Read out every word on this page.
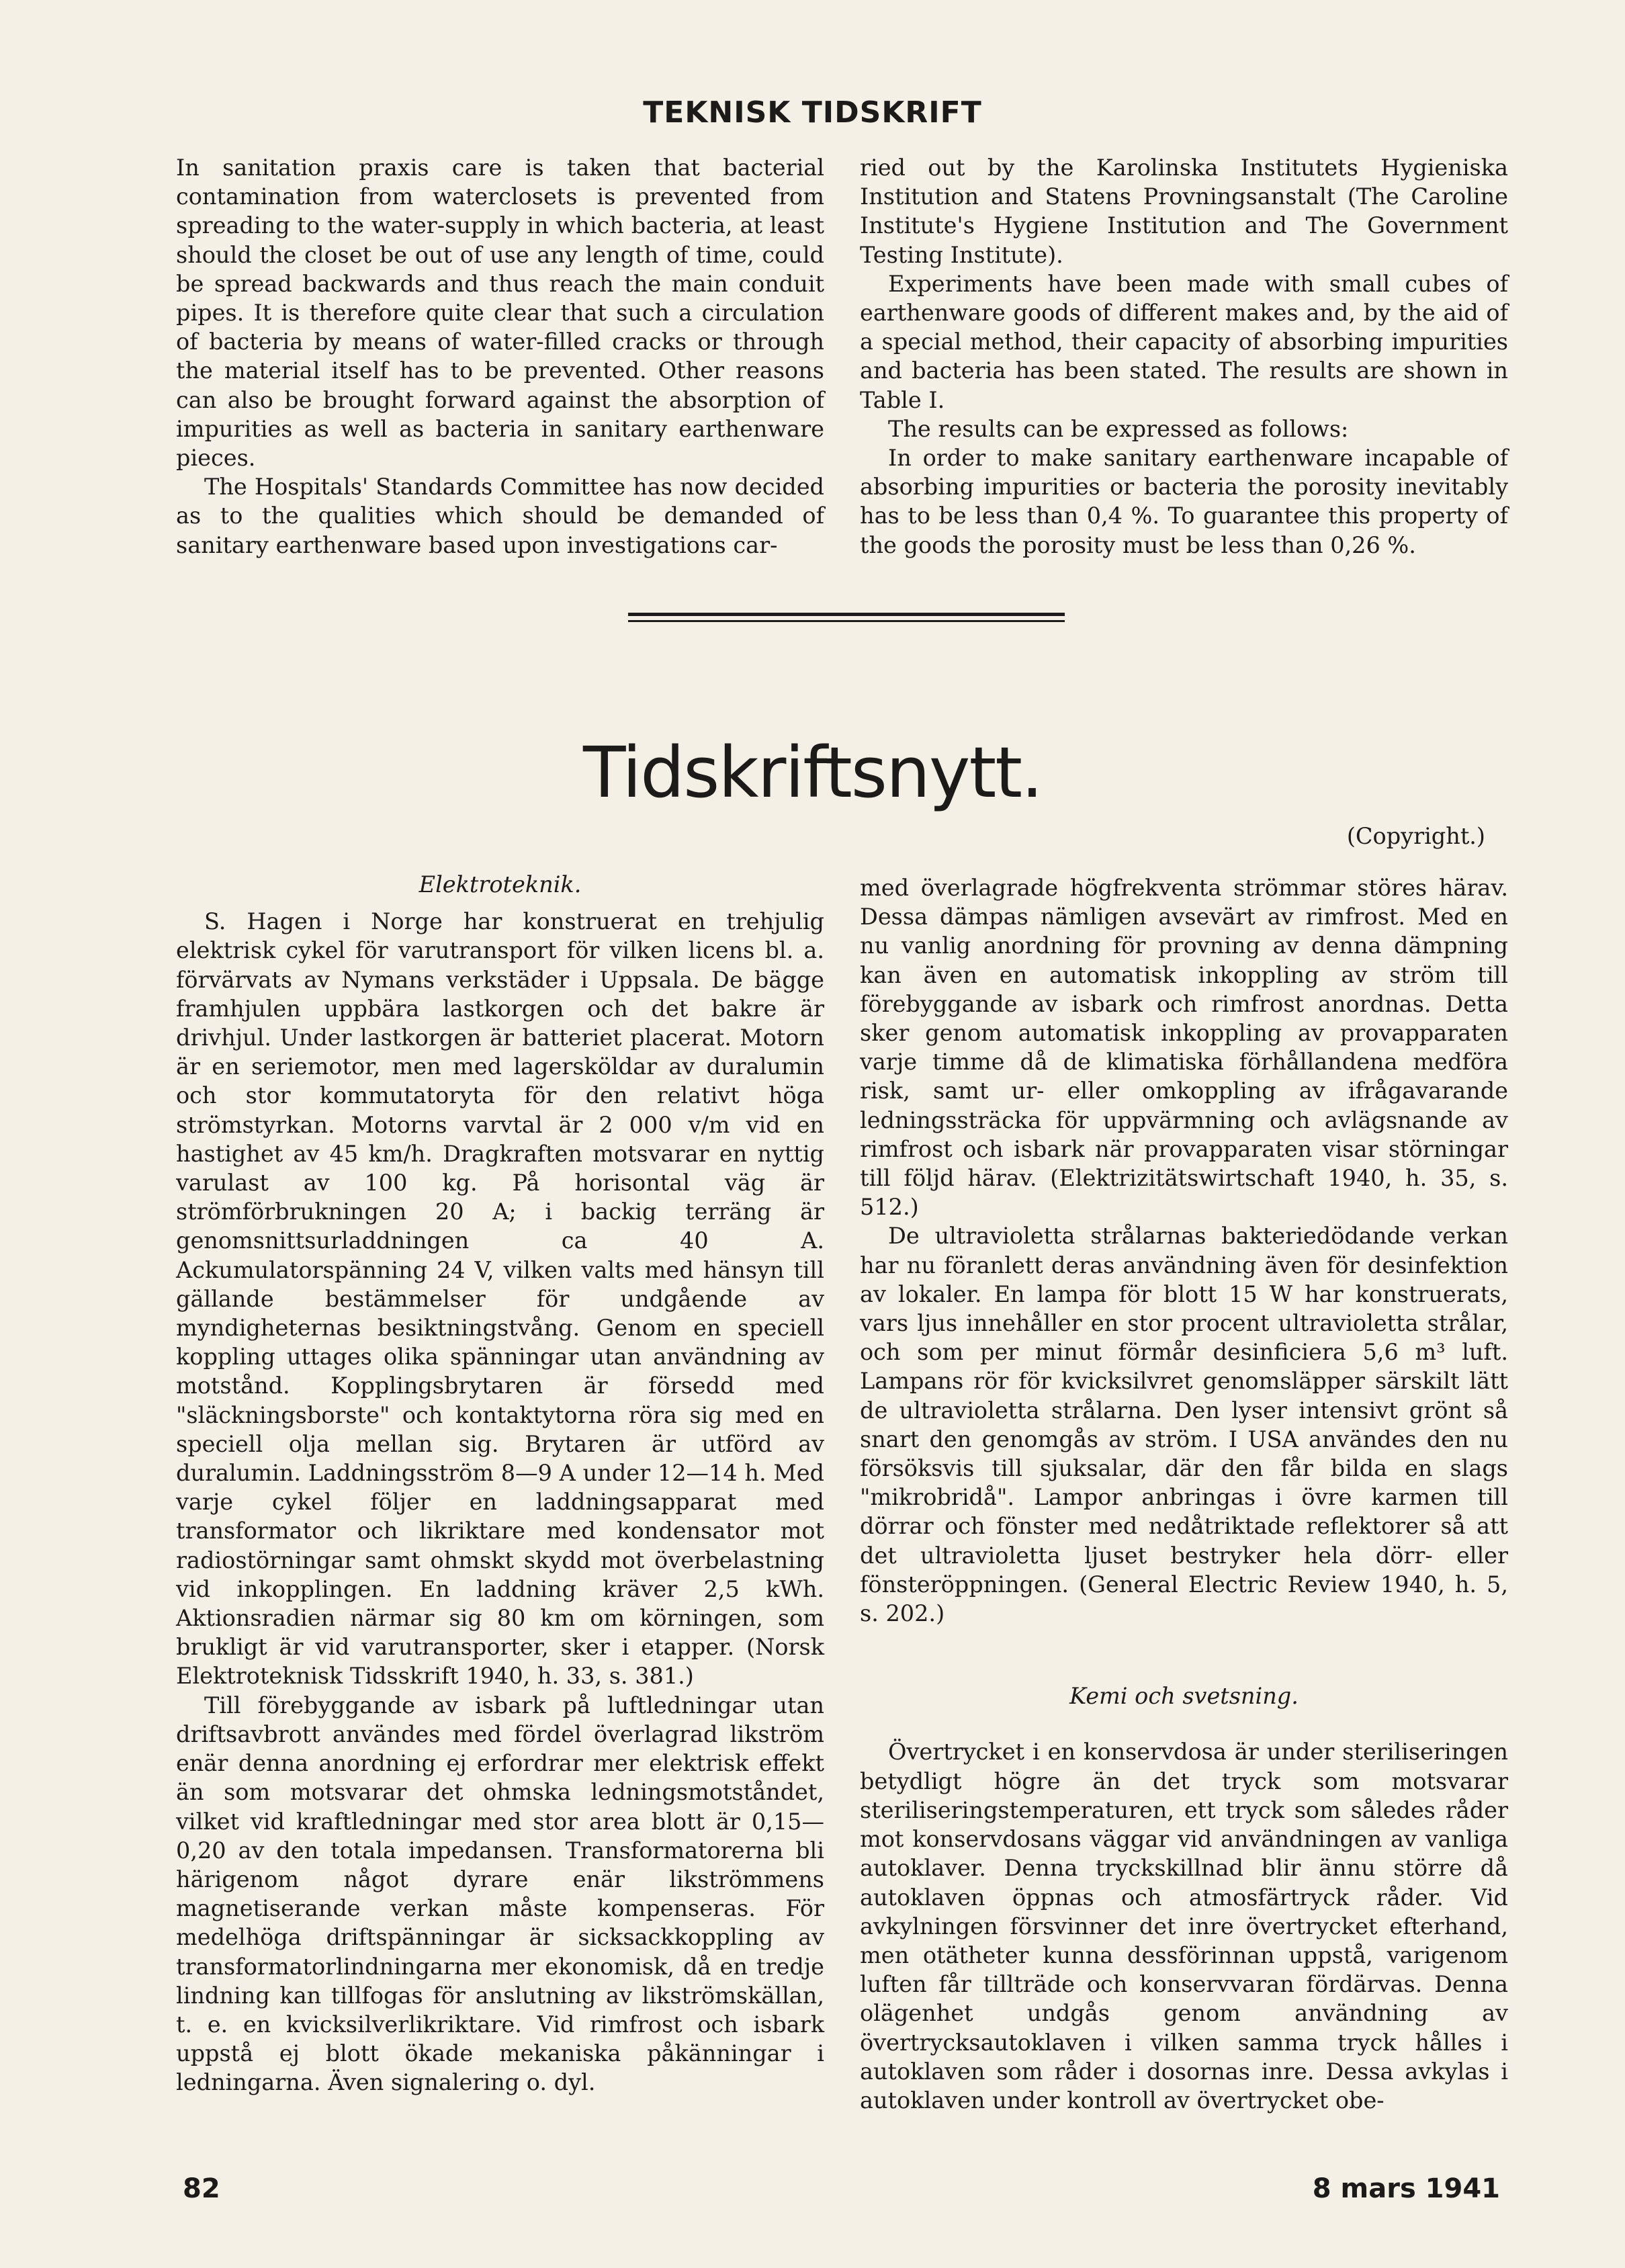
TEKNISK TIDSKRIFT

In sanitation praxis care is taken that bacterial contamination from waterclosets is prevented from spreading to the water-supply in which bacteria, at least should the closet be out of use any length of time, could be spread backwards and thus reach the main conduit pipes. It is therefore quite clear that such a circulation of bacteria by means of water-filled cracks or through the material itself has to be prevented. Other reasons can also be brought forward against the absorption of impurities as well as bacteria in sanitary earthenware pieces.

The Hospitals' Standards Committee has now decided as to the qualities which should be demanded of sanitary earthenware based upon investigations car-

ried out by the Karolinska Institutets Hygieniska Institution and Statens Provningsanstalt (The Caroline Institute's Hygiene Institution and The Government Testing Institute).

Experiments have been made with small cubes of earthenware goods of different makes and, by the aid of a special method, their capacity of absorbing impurities and bacteria has been stated. The results are shown in Table I.

The results can be expressed as follows:

In order to make sanitary earthenware incapable of absorbing impurities or bacteria the porosity inevitably has to be less than 0,4 %. To guarantee this property of the goods the porosity must be less than 0,26 %.

Tidskriftsnytt.
(Copyright.)
Elektroteknik.

S. Hagen i Norge har konstruerat en trehjulig elektrisk cykel för varutransport för vilken licens bl. a. förvärvats av Nymans verkstäder i Uppsala. De bägge framhjulen uppbära lastkorgen och det bakre är drivhjul. Under lastkorgen är batteriet placerat. Motorn är en seriemotor, men med lagersköldar av duralumin och stor kommutatoryta för den relativt höga strömstyrkan. Motorns varvtal är 2 000 v/m vid en hastighet av 45 km/h. Dragkraften motsvarar en nyttig varulast av 100 kg. På horisontal väg är strömförbrukningen 20 A; i backig terräng är genomsnittsurladdningen ca 40 A. Ackumulatorspänning 24 V, vilken valts med hänsyn till gällande bestämmelser för undgående av myndigheternas besiktningstvång. Genom en speciell koppling uttages olika spänningar utan användning av motstånd. Kopplingsbrytaren är försedd med "släckningsborste" och kontaktytorna röra sig med en speciell olja mellan sig. Brytaren är utförd av duralumin. Laddningsström 8—9 A under 12—14 h. Med varje cykel följer en laddningsapparat med transformator och likriktare med kondensator mot radiostörningar samt ohmskt skydd mot överbelastning vid inkopplingen. En laddning kräver 2,5 kWh. Aktionsradien närmar sig 80 km om körningen, som brukligt är vid varutransporter, sker i etapper. (Norsk Elektroteknisk Tidsskrift 1940, h. 33, s. 381.)

Till förebyggande av isbark på luftledningar utan driftsavbrott användes med fördel överlagrad likström enär denna anordning ej erfordrar mer elektrisk effekt än som motsvarar det ohmska ledningsmotståndet, vilket vid kraftledningar med stor area blott är 0,15—0,20 av den totala impedansen. Transformatorerna bli härigenom något dyrare enär likströmmens magnetiserande verkan måste kompenseras. För medelhöga driftspänningar är sicksackkoppling av transformatorlindningarna mer ekonomisk, då en tredje lindning kan tillfogas för anslutning av likströmskällan, t. e. en kvicksilverlikriktare. Vid rimfrost och isbark uppstå ej blott ökade mekaniska påkänningar i ledningarna. Även signalering o. dyl.

med överlagrade högfrekventa strömmar störes härav. Dessa dämpas nämligen avsevärt av rimfrost. Med en nu vanlig anordning för provning av denna dämpning kan även en automatisk inkoppling av ström till förebyggande av isbark och rimfrost anordnas. Detta sker genom automatisk inkoppling av provapparaten varje timme då de klimatiska förhållandena medföra risk, samt ur- eller omkoppling av ifrågavarande ledningssträcka för uppvärmning och avlägsnande av rimfrost och isbark när provapparaten visar störningar till följd härav. (Elektrizitätswirtschaft 1940, h. 35, s. 512.)

De ultravioletta strålarnas bakteriedödande verkan har nu föranlett deras användning även för desinfektion av lokaler. En lampa för blott 15 W har konstruerats, vars ljus innehåller en stor procent ultravioletta strålar, och som per minut förmår desinficiera 5,6 m³ luft. Lampans rör för kvicksilvret genomsläpper särskilt lätt de ultravioletta strålarna. Den lyser intensivt grönt så snart den genomgås av ström. I USA användes den nu försöksvis till sjuksalar, där den får bilda en slags "mikrobridå". Lampor anbringas i övre karmen till dörrar och fönster med nedåtriktade reflektorer så att det ultravioletta ljuset bestryker hela dörr- eller fönsteröppningen. (General Electric Review 1940, h. 5, s. 202.)

Kemi och svetsning.

Övertrycket i en konservdosa är under steriliseringen betydligt högre än det tryck som motsvarar steriliseringstemperaturen, ett tryck som således råder mot konservdosans väggar vid användningen av vanliga autoklaver. Denna tryckskillnad blir ännu större då autoklaven öppnas och atmosfärtryck råder. Vid avkylningen försvinner det inre övertrycket efterhand, men otätheter kunna dessförinnan uppstå, varigenom luften får tillträde och konservvaran fördärvas. Denna olägenhet undgås genom användning av övertrycksautoklaven i vilken samma tryck hålles i autoklaven som råder i dosornas inre. Dessa avkylas i autoklaven under kontroll av övertrycket obe-

82	8 mars 1941
